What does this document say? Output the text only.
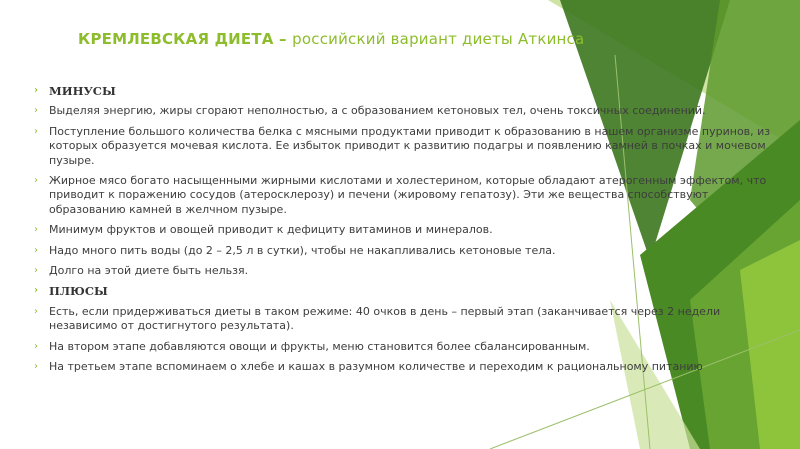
КРЕМЛЕВСКАЯ ДИЕТА – российский вариант диеты Аткинса
› МИНУСЫ
› Выделяя энергию, жиры сгорают неполностью, а с образованием кетоновых тел, очень токсичных соединений.
› Поступление большого количества белка с мясными продуктами приводит к образованию в нашем организме пуринов, из которых образуется мочевая кислота. Ее избыток приводит к развитию подагры и появлению камней в почках и мочевом пузыре.
› Жирное мясо богато насыщенными жирными кислотами и холестерином, которые обладают атерогенным эффектом, что приводит к поражению сосудов (атеросклерозу) и печени (жировому гепатозу). Эти же вещества способствуют образованию камней в желчном пузыре.
› Минимум фруктов и овощей приводит к дефициту витаминов и минералов.
› Надо много пить воды (до 2 – 2,5 л в сутки), чтобы не накапливались кетоновые тела.
› Долго на этой диете быть нельзя.
› ПЛЮСЫ
› Есть, если придерживаться диеты в таком режиме: 40 очков в день – первый этап (заканчивается через 2 недели независимо от достигнутого результата).
› На втором этапе добавляются овощи и фрукты, меню становится более сбалансированным.
› На третьем этапе вспоминаем о хлебе и кашах в разумном количестве и переходим к рациональному питанию
